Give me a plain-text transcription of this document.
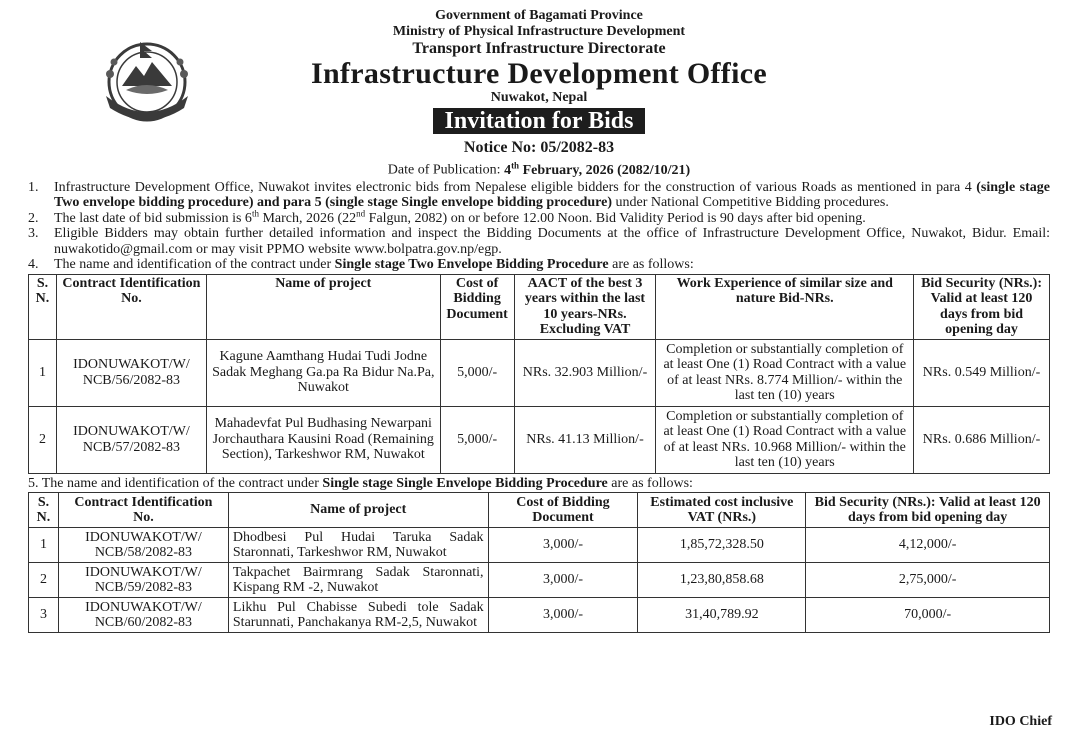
Government of Bagamati Province
Ministry of Physical Infrastructure Development
Transport Infrastructure Directorate
Infrastructure Development Office
Nuwakot, Nepal
Invitation for Bids
Notice No: 05/2082-83
Date of Publication: 4th February, 2026 (2082/10/21)
1. Infrastructure Development Office, Nuwakot invites electronic bids from Nepalese eligible bidders for the construction of various Roads as mentioned in para 4 (single stage Two envelope bidding procedure) and para 5 (single stage Single envelope bidding procedure) under National Competitive Bidding procedures.
2. The last date of bid submission is 6th March, 2026 (22nd Falgun, 2082) on or before 12.00 Noon. Bid Validity Period is 90 days after bid opening.
3. Eligible Bidders may obtain further detailed information and inspect the Bidding Documents at the office of Infrastructure Development Office, Nuwakot, Bidur. Email: nuwakotido@gmail.com or may visit PPMO website www.bolpatra.gov.np/egp.
4. The name and identification of the contract under Single stage Two Envelope Bidding Procedure are as follows:
S. N.	Contract Identification No.	Name of project	Cost of Bidding Document	AACT of the best 3 years within the last 10 years-NRs. Excluding VAT	Work Experience of similar size and nature Bid-NRs.	Bid Security (NRs.): Valid at least 120 days from bid opening day
1	IDONUWAKOT/W/ NCB/56/2082-83	Kagune Aamthang Hudai Tudi Jodne Sadak Meghang Ga.pa Ra Bidur Na.Pa, Nuwakot	5,000/-	NRs. 32.903 Million/-	Completion or substantially completion of at least One (1) Road Contract with a value of at least NRs. 8.774 Million/- within the last ten (10) years	NRs. 0.549 Million/-
2	IDONUWAKOT/W/ NCB/57/2082-83	Mahadevfat Pul Budhasing Newarpani Jorchauthara Kausini Road (Remaining Section), Tarkeshwor RM, Nuwakot	5,000/-	NRs. 41.13 Million/-	Completion or substantially completion of at least One (1) Road Contract with a value of at least NRs. 10.968 Million/- within the last ten (10) years	NRs. 0.686 Million/-
5. The name and identification of the contract under Single stage Single Envelope Bidding Procedure are as follows:
S. N.	Contract Identification No.	Name of project	Cost of Bidding Document	Estimated cost inclusive VAT (NRs.)	Bid Security (NRs.): Valid at least 120 days from bid opening day
1	IDONUWAKOT/W/ NCB/58/2082-83	Dhodbesi Pul Hudai Taruka Sadak Staronnati, Tarkeshwor RM, Nuwakot	3,000/-	1,85,72,328.50	4,12,000/-
2	IDONUWAKOT/W/ NCB/59/2082-83	Takpachet Bairmrang Sadak Staronnati, Kispang RM -2, Nuwakot	3,000/-	1,23,80,858.68	2,75,000/-
3	IDONUWAKOT/W/ NCB/60/2082-83	Likhu Pul Chabisse Subedi tole Sadak Starunnati, Panchakanya RM-2,5, Nuwakot	3,000/-	31,40,789.92	70,000/-
IDO Chief
